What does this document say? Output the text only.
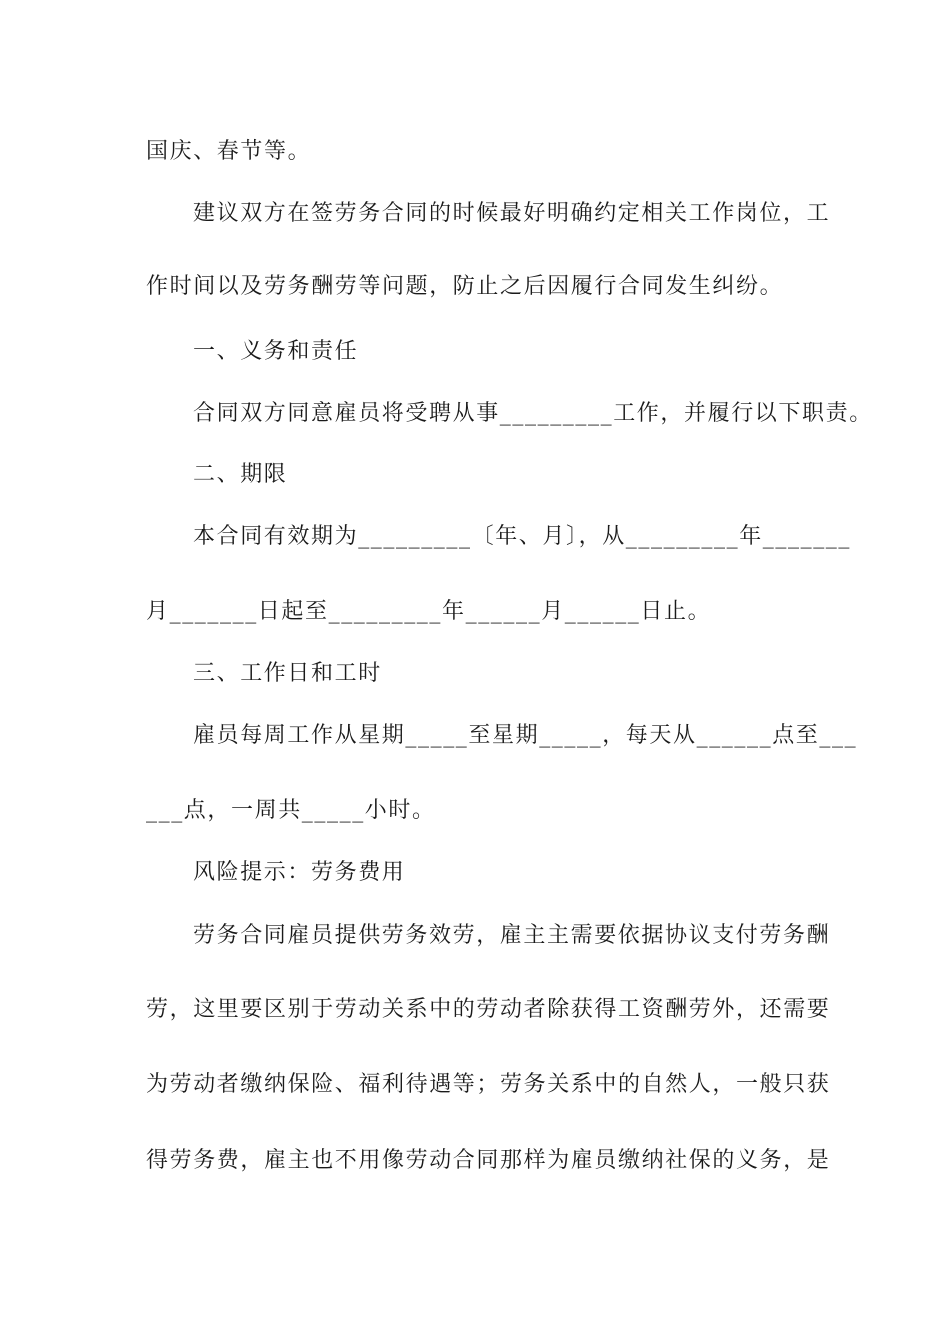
国庆、春节等。
建议双方在签劳务合同的时候最好明确约定相关工作岗位，工
作时间以及劳务酬劳等问题，防止之后因履行合同发生纠纷。
一、义务和责任
合同双方同意雇员将受聘从事_________工作，并履行以下职责。
二、期限
本合同有效期为_________〔年、月〕，从_________年_______
月_______日起至_________年______月______日止。
三、工作日和工时
雇员每周工作从星期_____至星期_____，每天从______点至___
___点，一周共_____小时。
风险提示：劳务费用
劳务合同雇员提供劳务效劳，雇主主需要依据协议支付劳务酬
劳，这里要区别于劳动关系中的劳动者除获得工资酬劳外，还需要
为劳动者缴纳保险、福利待遇等；劳务关系中的自然人，一般只获
得劳务费，雇主也不用像劳动合同那样为雇员缴纳社保的义务，是
